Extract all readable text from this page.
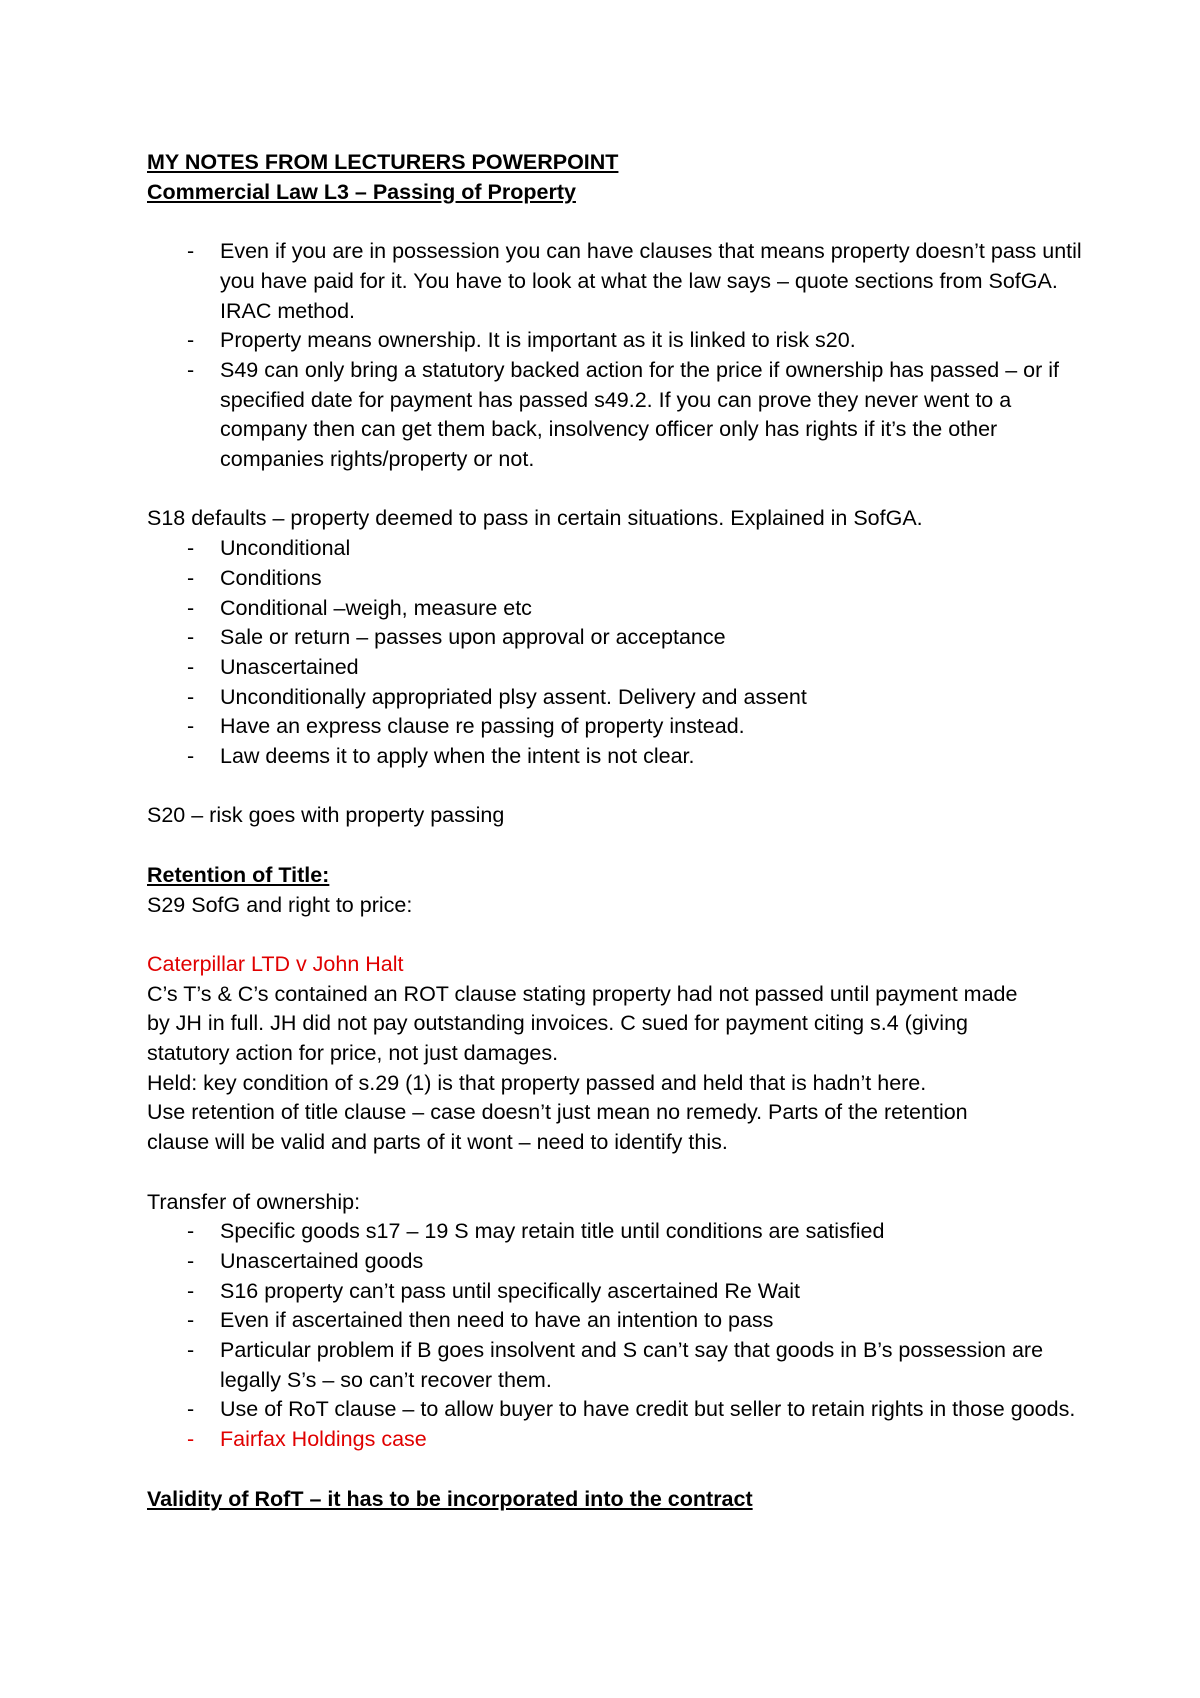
MY NOTES FROM LECTURERS POWERPOINT

Commercial Law L3 – Passing of Property

- Even if you are in possession you can have clauses that means property doesn’t pass until you have paid for it. You have to look at what the law says – quote sections from SofGA. IRAC method.
- Property means ownership. It is important as it is linked to risk s20.
- S49 can only bring a statutory backed action for the price if ownership has passed – or if specified date for payment has passed s49.2. If you can prove they never went to a company then can get them back, insolvency officer only has rights if it’s the other companies rights/property or not.

S18 defaults – property deemed to pass in certain situations. Explained in SofGA.

- Unconditional
- Conditions
- Conditional –weigh, measure etc
- Sale or return – passes upon approval or acceptance
- Unascertained
- Unconditionally appropriated plsy assent. Delivery and assent
- Have an express clause re passing of property instead.
- Law deems it to apply when the intent is not clear.

S20 – risk goes with property passing

Retention of Title:

S29 SofG and right to price:

Caterpillar LTD v John Halt

C’s T’s & C’s contained an ROT clause stating property had not passed until payment made

by JH in full. JH did not pay outstanding invoices. C sued for payment citing s.4 (giving

statutory action for price, not just damages.

Held: key condition of s.29 (1) is that property passed and held that is hadn’t here.

Use retention of title clause – case doesn’t just mean no remedy. Parts of the retention

clause will be valid and parts of it wont – need to identify this.

Transfer of ownership:

- Specific goods s17 – 19 S may retain title until conditions are satisfied
- Unascertained goods
- S16 property can’t pass until specifically ascertained Re Wait
- Even if ascertained then need to have an intention to pass
- Particular problem if B goes insolvent and S can’t say that goods in B’s possession are legally S’s – so can’t recover them.
- Use of RoT clause – to allow buyer to have credit but seller to retain rights in those goods.
- Fairfax Holdings case

Validity of RofT – it has to be incorporated into the contract
